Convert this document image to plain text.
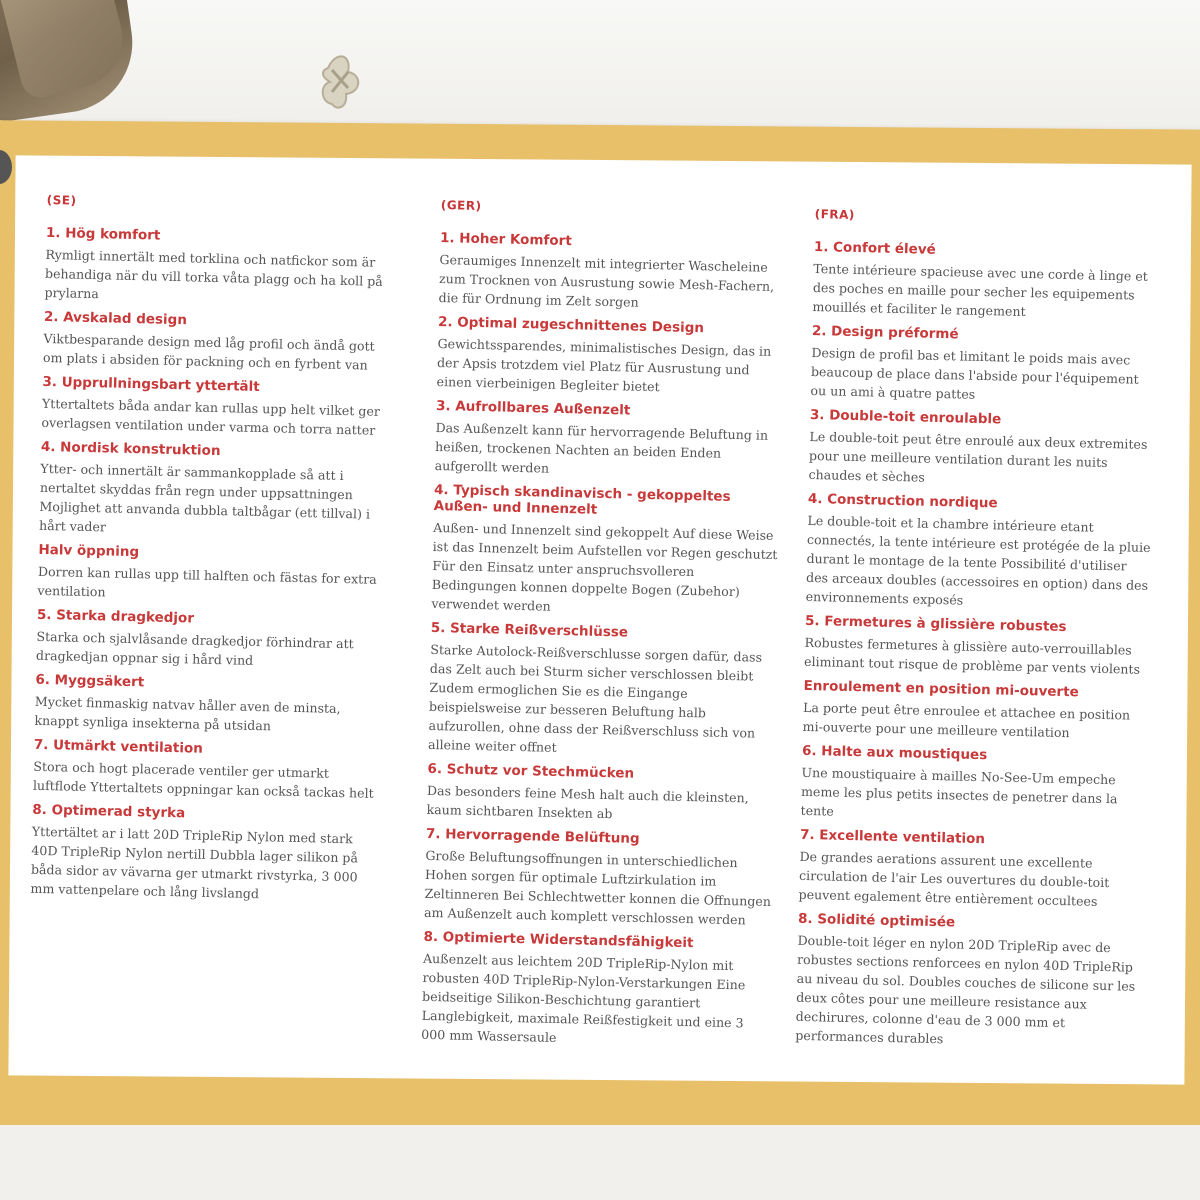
(SE)
1. Hög komfort

Rymligt innertält med torklina och natfickor som är behandiga när du vill torka våta plagg och ha koll på prylarna

2. Avskalad design

Viktbesparande design med låg profil och ändå gott om plats i absiden för packning och en fyrbent van

3. Upprullningsbart yttertält

Yttertaltets båda andar kan rullas upp helt vilket ger overlagsen ventilation under varma och torra natter

4. Nordisk konstruktion

Ytter- och innertält är sammankopplade så att i nertaltet skyddas från regn under uppsattningen Mojlighet att anvanda dubbla taltbågar (ett tillval) i hårt vader

Halv öppning

Dorren kan rullas upp till halften och fästas for extra ventilation

5. Starka dragkedjor

Starka och sjalvlåsande dragkedjor förhindrar att dragkedjan oppnar sig i hård vind

6. Myggsäkert

Mycket finmaskig natvav håller aven de minsta, knappt synliga insekterna på utsidan

7. Utmärkt ventilation

Stora och hogt placerade ventiler ger utmarkt luftflode Yttertaltets oppningar kan också tackas helt

8. Optimerad styrka

Yttertältet ar i latt 20D TripleRip Nylon med stark 40D TripleRip Nylon nertill Dubbla lager silikon på båda sidor av vävarna ger utmarkt rivstyrka, 3 000 mm vattenpelare och lång livslangd

(GER)
1. Hoher Komfort

Geraumiges Innenzelt mit integrierter Wascheleine zum Trocknen von Ausrustung sowie Mesh-Fachern, die für Ordnung im Zelt sorgen

2. Optimal zugeschnittenes Design

Gewichtssparendes, minimalistisches Design, das in der Apsis trotzdem viel Platz für Ausrustung und einen vierbeinigen Begleiter bietet

3. Aufrollbares Außenzelt

Das Außenzelt kann für hervorragende Beluftung in heißen, trockenen Nachten an beiden Enden aufgerollt werden

4. Typisch skandinavisch - gekoppeltes Außen- und Innenzelt

Außen- und Innenzelt sind gekoppelt Auf diese Weise ist das Innenzelt beim Aufstellen vor Regen geschutzt Für den Einsatz unter anspruchsvolleren Bedingungen konnen doppelte Bogen (Zubehor) verwendet werden

5. Starke Reißverschlüsse

Starke Autolock-Reißverschlusse sorgen dafür, dass das Zelt auch bei Sturm sicher verschlossen bleibt Zudem ermoglichen Sie es die Eingange beispielsweise zur besseren Beluftung halb aufzurollen, ohne dass der Reißverschluss sich von alleine weiter offnet

6. Schutz vor Stechmücken

Das besonders feine Mesh halt auch die kleinsten, kaum sichtbaren Insekten ab

7. Hervorragende Belüftung

Große Beluftungsoffnungen in unterschiedlichen Hohen sorgen für optimale Luftzirkulation im Zeltinneren Bei Schlechtwetter konnen die Offnungen am Außenzelt auch komplett verschlossen werden

8. Optimierte Widerstandsfähigkeit

Außenzelt aus leichtem 20D TripleRip-Nylon mit robusten 40D TripleRip-Nylon-Verstarkungen Eine beidseitige Silikon-Beschichtung garantiert Langlebigkeit, maximale Reißfestigkeit und eine 3 000 mm Wassersaule

(FRA)
1. Confort élevé

Tente intérieure spacieuse avec une corde à linge et des poches en maille pour secher les equipements mouillés et faciliter le rangement

2. Design préformé

Design de profil bas et limitant le poids mais avec beaucoup de place dans l'abside pour l'équipement ou un ami à quatre pattes

3. Double-toit enroulable

Le double-toit peut être enroulé aux deux extremites pour une meilleure ventilation durant les nuits chaudes et sèches

4. Construction nordique

Le double-toit et la chambre intérieure etant connectés, la tente intérieure est protégée de la pluie durant le montage de la tente Possibilité d'utiliser des arceaux doubles (accessoires en option) dans des environnements exposés

5. Fermetures à glissière robustes

Robustes fermetures à glissière auto-verrouillables eliminant tout risque de problème par vents violents

Enroulement en position mi-ouverte

La porte peut être enroulee et attachee en position mi-ouverte pour une meilleure ventilation

6. Halte aux moustiques

Une moustiquaire à mailles No-See-Um empeche meme les plus petits insectes de penetrer dans la tente

7. Excellente ventilation

De grandes aerations assurent une excellente circulation de l'air Les ouvertures du double-toit peuvent egalement être entièrement occultees

8. Solidité optimisée

Double-toit léger en nylon 20D TripleRip avec de robustes sections renforcees en nylon 40D TripleRip au niveau du sol. Doubles couches de silicone sur les deux côtes pour une meilleure resistance aux dechirures, colonne d'eau de 3 000 mm et performances durables
